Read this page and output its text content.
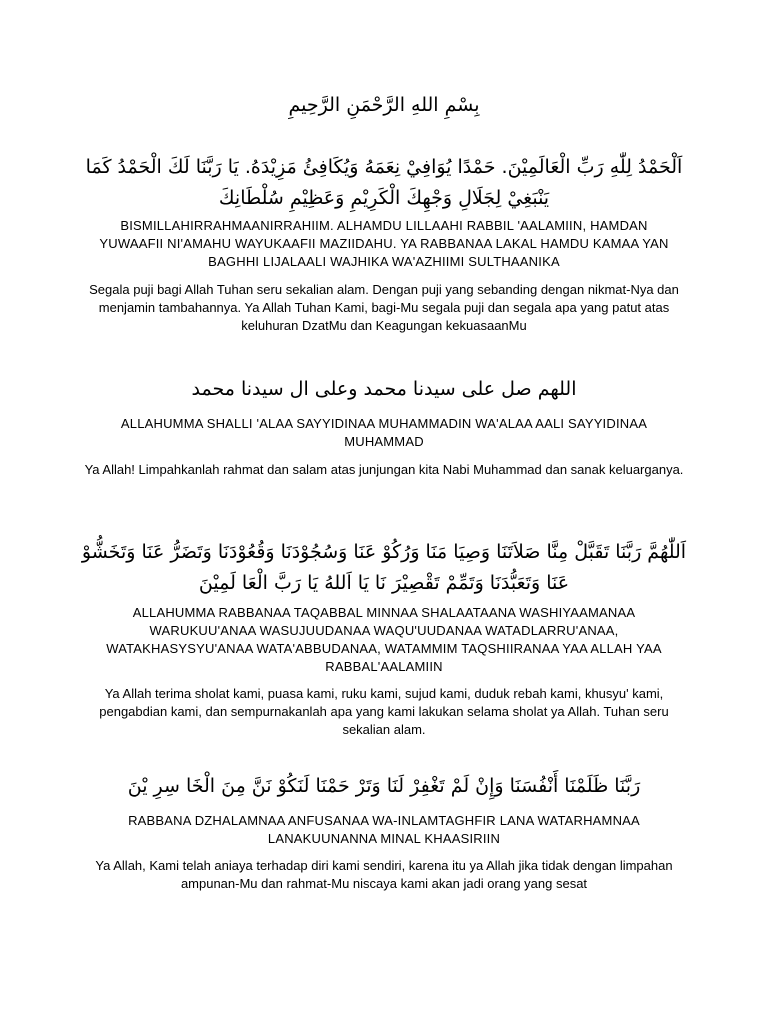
بِسْمِ اللهِ الرَّحْمَنِ الرَّحِيمِ
اَلْحَمْدُ لِلّٰهِ رَبِّ الْعَالَمِيْنَ. حَمْدًا يُوَافِيْ نِعَمَهُ وَيُكَافِئُ مَزِيْدَهُ. يَا رَبَّنَا لَكَ الْحَمْدُ كَمَا يَنْبَغِيْ لِجَلَالِ وَجْهِكَ الْكَرِيْمِ وَعَظِيْمِ سُلْطَانِكَ
BISMILLAHIRRAHMAANIRRAHIIM. ALHAMDU LILLAAHI RABBIL 'AALAMIIN, HAMDAN YUWAAFII NI'AMAHU WAYUKAAFII MAZIIDAHU. YA RABBANAA LAKAL HAMDU KAMAA YAN BAGHHI LIJALAALI WAJHIKA WA'AZHIIMI SULTHAANIKA
Segala puji bagi Allah Tuhan seru sekalian alam. Dengan puji yang sebanding dengan nikmat-Nya dan menjamin tambahannya. Ya Allah Tuhan Kami, bagi-Mu segala puji dan segala apa yang patut atas keluhuran DzatMu dan Keagungan kekuasaanMu
اللهم صل على سيدنا محمد وعلى ال سيدنا محمد
ALLAHUMMA SHALLI 'ALAA SAYYIDINAA MUHAMMADIN WA'ALAA AALI SAYYIDINAA MUHAMMAD
Ya Allah! Limpahkanlah rahmat dan salam atas junjungan kita Nabi Muhammad dan sanak keluarganya.
اَللّٰهُمَّ رَبَّنَا تَقَبَّلْ مِنَّا صَلاَتَنَا وَصِيَا مَنَا وَرُكُوْ عَنَا وَسُجُوْدَنَا وَقُعُوْدَنَا وَتَضَرُّ عَنَا وَتَخَشُّوْ عَنَا وَتَعَبُّدَنَا وَتَمِّمْ تَقْصِيْرَ نَا يَا اَللهُ يَا رَبَّ الْعَا لَمِيْنَ
ALLAHUMMA RABBANAA TAQABBAL MINNAA SHALAATAANA WASHIYAAMANAA WARUKUU'ANAA WASUJUUDANAA WAQU'UUDANAA WATADLARRU'ANAA, WATAKHASYSYU'ANAA WATA'ABBUDANAA, WATAMMIM TAQSHIIRANAA YAA ALLAH YAA RABBAL'AALAMIIN
Ya Allah terima sholat kami, puasa kami, ruku kami, sujud kami, duduk rebah kami, khusyu' kami, pengabdian kami, dan sempurnakanlah apa yang kami lakukan selama sholat ya Allah. Tuhan seru sekalian alam.
رَبَّنَا ظَلَمْنَا أَنْفُسَنَا وَإِنْ لَمْ تَغْفِرْ لَنَا وَتَرْ حَمْنَا لَنَكُوْ نَنَّ مِنَ الْخَا سِرِ يْنَ
RABBANA DZHALAMNAA ANFUSANAA WA-INLAMTAGHFIR LANA WATARHAMNAA LANAKUUNANNA MINAL KHAASIRIIN
Ya Allah, Kami telah aniaya terhadap diri kami sendiri, karena itu ya Allah jika tidak dengan limpahan ampunan-Mu dan rahmat-Mu niscaya kami akan jadi orang yang sesat
